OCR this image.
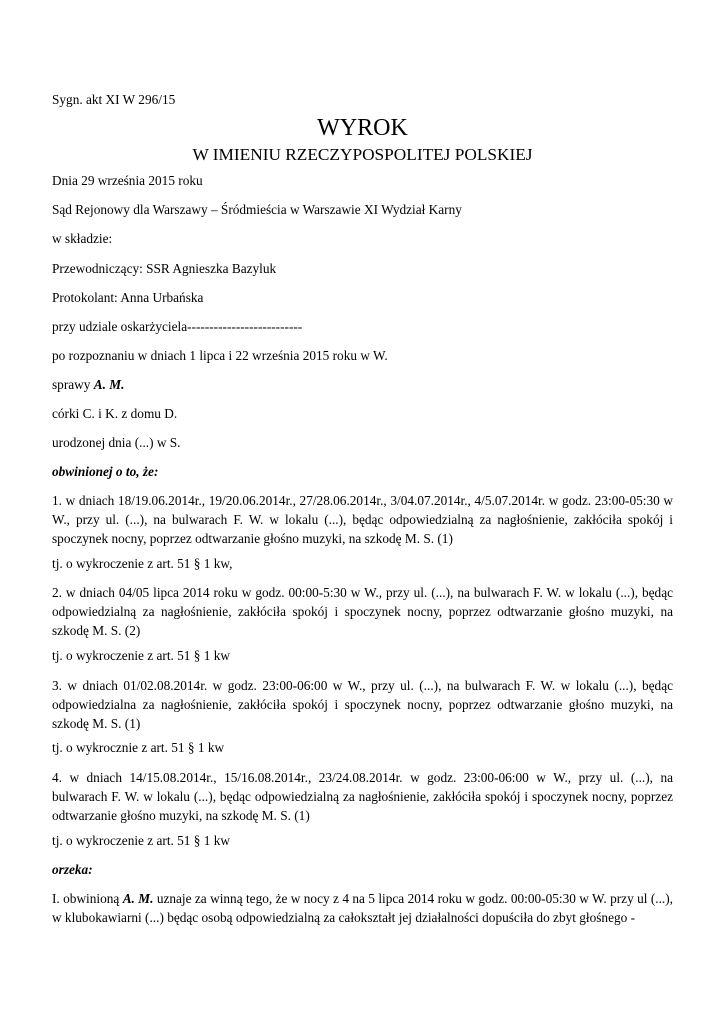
Sygn. akt XI W 296/15

WYROK

W IMIENIU RZECZYPOSPOLITEJ POLSKIEJ

Dnia 29 września 2015 roku

Sąd Rejonowy dla Warszawy – Śródmieścia w Warszawie XI Wydział Karny

w składzie:

Przewodniczący: SSR Agnieszka Bazyluk

Protokolant: Anna Urbańska

przy udziale oskarżyciela--------------------------

po rozpoznaniu w dniach 1 lipca i 22 września 2015 roku w W.

sprawy A. M.

córki C. i K. z domu D.

urodzonej dnia (...) w S.

obwinionej o to, że:

1. w dniach 18/19.06.2014r., 19/20.06.2014r., 27/28.06.2014r., 3/04.07.2014r., 4/5.07.2014r. w godz. 23:00-05:30 w W., przy ul. (...), na bulwarach F. W. w lokalu (...), będąc odpowiedzialną za nagłośnienie, zakłóciła spokój i spoczynek nocny, poprzez odtwarzanie głośno muzyki, na szkodę M. S. (1)

tj. o wykroczenie z art. 51 § 1 kw,

2. w dniach 04/05 lipca 2014 roku w godz. 00:00-5:30 w W., przy ul. (...), na bulwarach F. W. w lokalu (...), będąc odpowiedzialną za nagłośnienie, zakłóciła spokój i spoczynek nocny, poprzez odtwarzanie głośno muzyki, na szkodę M. S. (2)

tj. o wykroczenie z art. 51 § 1 kw

3. w dniach 01/02.08.2014r. w godz. 23:00-06:00 w W., przy ul. (...), na bulwarach F. W. w lokalu (...), będąc odpowiedzialna za nagłośnienie, zakłóciła spokój i spoczynek nocny, poprzez odtwarzanie głośno muzyki, na szkodę M. S. (1)

tj. o wykrocznie z art. 51 § 1 kw

4. w dniach 14/15.08.2014r., 15/16.08.2014r., 23/24.08.2014r. w godz. 23:00-06:00 w W., przy ul. (...), na bulwarach F. W. w lokalu (...), będąc odpowiedzialną za nagłośnienie, zakłóciła spokój i spoczynek nocny, poprzez odtwarzanie głośno muzyki, na szkodę M. S. (1)

tj. o wykroczenie z art. 51 § 1 kw

orzeka:

I. obwinioną A. M. uznaje za winną tego, że w nocy z 4 na 5 lipca 2014 roku w godz. 00:00-05:30 w W. przy ul (...), w klubokawiarni (...) będąc osobą odpowiedzialną za całokształt jej działalności dopuściła do zbyt głośnego -
